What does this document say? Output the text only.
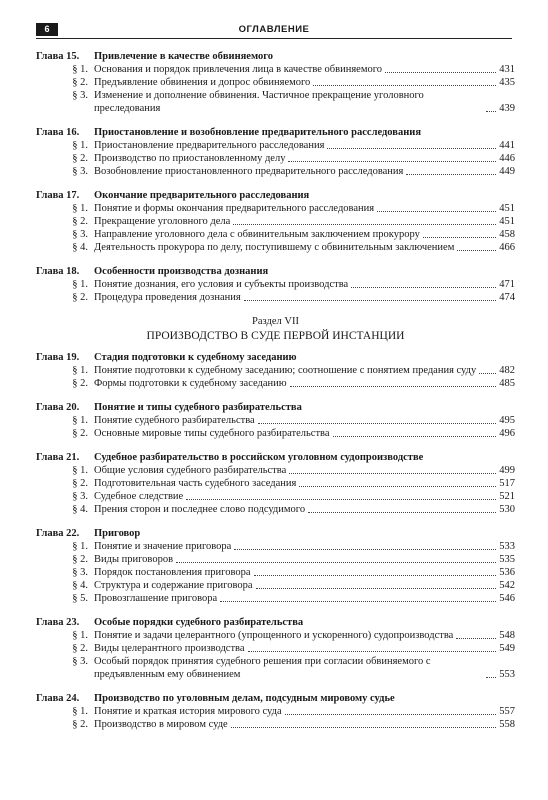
6	ОГЛАВЛЕНИЕ
Глава 15.	Привлечение в качестве обвиняемого
§ 1. Основания и порядок привлечения лица в качестве обвиняемого	431
§ 2. Предъявление обвинения и допрос обвиняемого	435
§ 3. Изменение и дополнение обвинения. Частичное прекращение уголовного преследования	439
Глава 16.	Приостановление и возобновление предварительного расследования
§ 1. Приостановление предварительного расследования	441
§ 2. Производство по приостановленному делу	446
§ 3. Возобновление приостановленного предварительного расследования	449
Глава 17.	Окончание предварительного расследования
§ 1. Понятие и формы окончания предварительного расследования	451
§ 2. Прекращение уголовного дела	451
§ 3. Направление уголовного дела с обвинительным заключением прокурору	458
§ 4. Деятельность прокурора по делу, поступившему с обвинительным заключением	466
Глава 18.	Особенности производства дознания
§ 1. Понятие дознания, его условия и субъекты производства	471
§ 2. Процедура проведения дознания	474
Раздел VII
ПРОИЗВОДСТВО В СУДЕ ПЕРВОЙ ИНСТАНЦИИ
Глава 19.	Стадия подготовки к судебному заседанию
§ 1. Понятие подготовки к судебному заседанию; соотношение с понятием предания суду 482
§ 2. Формы подготовки к судебному заседанию	485
Глава 20.	Понятие и типы судебного разбирательства
§ 1. Понятие судебного разбирательства	495
§ 2. Основные мировые типы судебного разбирательства	496
Глава 21.	Судебное разбирательство в российском уголовном судопроизводстве
§ 1. Общие условия судебного разбирательства	499
§ 2. Подготовительная часть судебного заседания	517
§ 3. Судебное следствие	521
§ 4. Прения сторон и последнее слово подсудимого	530
Глава 22.	Приговор
§ 1. Понятие и значение приговора	533
§ 2. Виды приговоров	535
§ 3. Порядок постановления приговора	536
§ 4. Структура и содержание приговора	542
§ 5. Провозглашение приговора	546
Глава 23.	Особые порядки судебного разбирательства
§ 1. Понятие и задачи целерантного (упрощенного и ускоренного) судопроизводства	548
§ 2. Виды целерантного производства	549
§ 3. Особый порядок принятия судебного решения при согласии обвиняемого с предъявленным ему обвинением	553
Глава 24.	Производство по уголовным делам, подсудным мировому судье
§ 1. Понятие и краткая история мирового суда	557
§ 2. Производство в мировом суде	558
